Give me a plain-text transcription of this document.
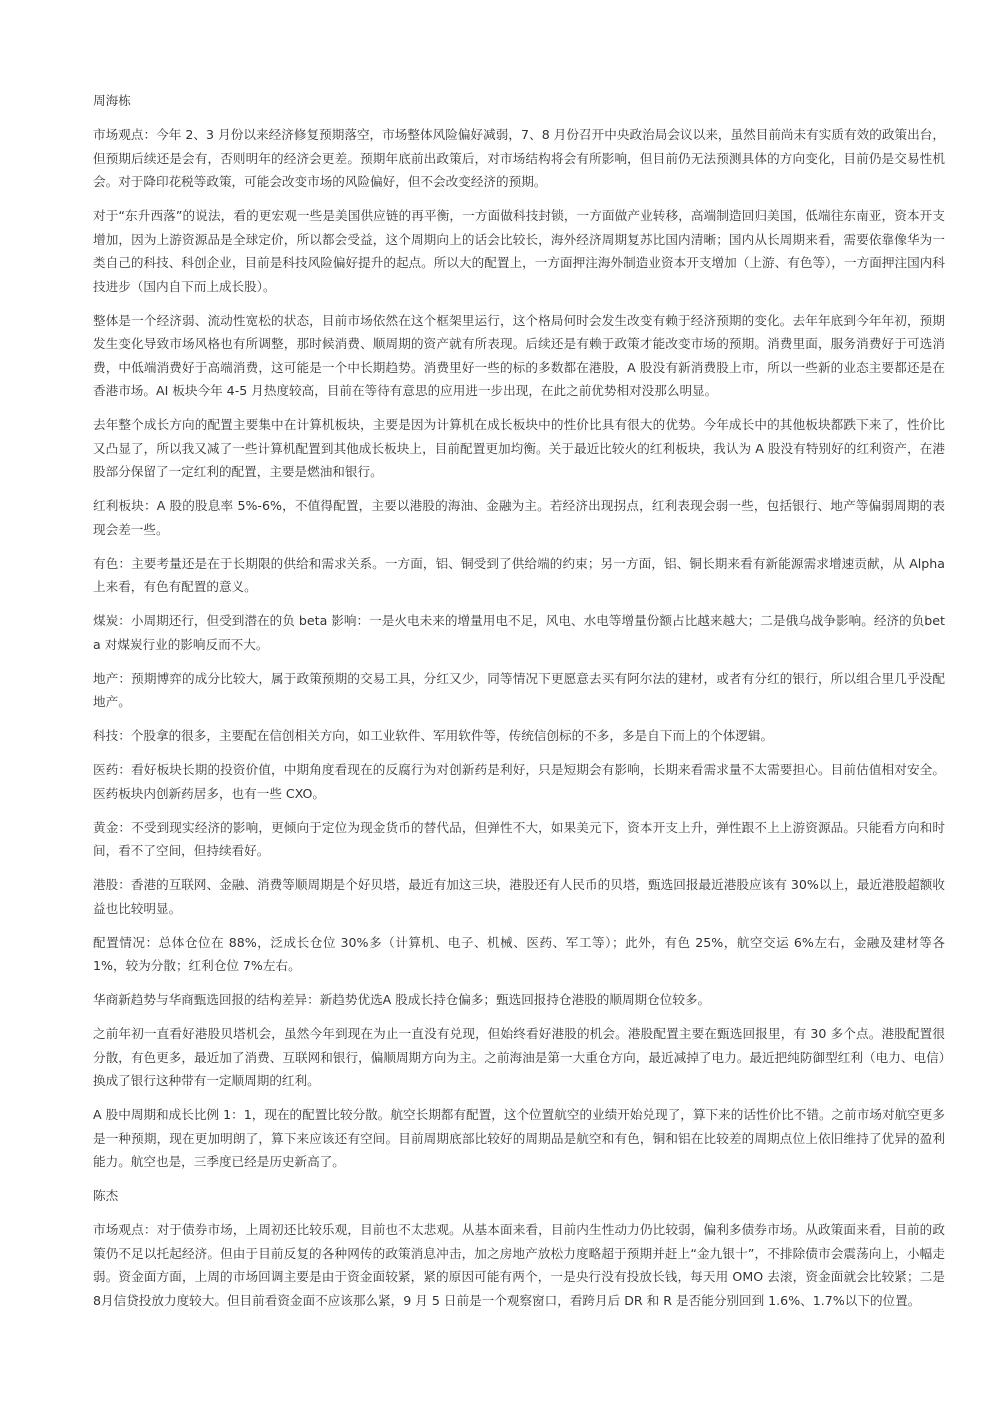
周海栋

市场观点：今年 2、3 月份以来经济修复预期落空，市场整体风险偏好减弱，7、8 月份召开中央政治局会议以来，虽然目前尚未有实质有效的政策出台，但预期后续还是会有，否则明年的经济会更差。预期年底前出政策后，对市场结构将会有所影响，但目前仍无法预测具体的方向变化，目前仍是交易性机会。对于降印花税等政策，可能会改变市场的风险偏好，但不会改变经济的预期。

对于“东升西落”的说法，看的更宏观一些是美国供应链的再平衡，一方面做科技封锁，一方面做产业转移，高端制造回归美国，低端往东南亚，资本开支增加，因为上游资源品是全球定价，所以都会受益，这个周期向上的话会比较长，海外经济周期复苏比国内清晰；国内从长周期来看，需要依靠像华为一类自己的科技、科创企业，目前是科技风险偏好提升的起点。所以大的配置上，一方面押注海外制造业资本开支增加（上游、有色等），一方面押注国内科技进步（国内自下而上成长股）。

整体是一个经济弱、流动性宽松的状态，目前市场依然在这个框架里运行，这个格局何时会发生改变有赖于经济预期的变化。去年年底到今年年初，预期发生变化导致市场风格也有所调整，那时候消费、顺周期的资产就有所表现。后续还是有赖于政策才能改变市场的预期。消费里面，服务消费好于可选消费，中低端消费好于高端消费，这可能是一个中长期趋势。消费里好一些的标的多数都在港股，A 股没有新消费股上市，所以一些新的业态主要都还是在香港市场。AI 板块今年 4-5 月热度较高，目前在等待有意思的应用进一步出现，在此之前优势相对没那么明显。

去年整个成长方向的配置主要集中在计算机板块，主要是因为计算机在成长板块中的性价比具有很大的优势。今年成长中的其他板块都跌下来了，性价比又凸显了，所以我又减了一些计算机配置到其他成长板块上，目前配置更加均衡。关于最近比较火的红利板块，我认为 A 股没有特别好的红利资产，在港股部分保留了一定红利的配置，主要是燃油和银行。

红利板块：A 股的股息率 5%-6%，不值得配置，主要以港股的海油、金融为主。若经济出现拐点，红利表现会弱一些，包括银行、地产等偏弱周期的表现会差一些。

有色：主要考量还是在于长期限的供给和需求关系。一方面，铝、铜受到了供给端的约束；另一方面，铝、铜长期来看有新能源需求增速贡献，从 Alpha 上来看，有色有配置的意义。

煤炭：小周期还行，但受到潜在的负 beta 影响：一是火电未来的增量用电不足，风电、水电等增量份额占比越来越大；二是俄乌战争影响。经济的负beta 对煤炭行业的影响反而不大。

地产：预期博弈的成分比较大，属于政策预期的交易工具，分红又少，同等情况下更愿意去买有阿尔法的建材，或者有分红的银行，所以组合里几乎没配地产。

科技：个股拿的很多，主要配在信创相关方向，如工业软件、军用软件等，传统信创标的不多，多是自下而上的个体逻辑。

医药：看好板块长期的投资价值，中期角度看现在的反腐行为对创新药是利好，只是短期会有影响，长期来看需求量不太需要担心。目前估值相对安全。医药板块内创新药居多，也有一些 CXO。

黄金：不受到现实经济的影响，更倾向于定位为现金货币的替代品，但弹性不大，如果美元下，资本开支上升，弹性跟不上上游资源品。只能看方向和时间，看不了空间，但持续看好。

港股：香港的互联网、金融、消费等顺周期是个好贝塔，最近有加这三块，港股还有人民币的贝塔，甄选回报最近港股应该有 30%以上，最近港股超额收益也比较明显。

配置情况：总体仓位在 88%，泛成长仓位 30%多（计算机、电子、机械、医药、军工等）；此外，有色 25%，航空交运 6%左右，金融及建材等各 1%，较为分散；红利仓位 7%左右。

华商新趋势与华商甄选回报的结构差异：新趋势优选A 股成长持仓偏多；甄选回报持仓港股的顺周期仓位较多。

之前年初一直看好港股贝塔机会，虽然今年到现在为止一直没有兑现，但始终看好港股的机会。港股配置主要在甄选回报里，有 30 多个点。港股配置很分散，有色更多，最近加了消费、互联网和银行，偏顺周期方向为主。之前海油是第一大重仓方向，最近减掉了电力。最近把纯防御型红利（电力、电信）换成了银行这种带有一定顺周期的红利。

A 股中周期和成长比例 1：1，现在的配置比较分散。航空长期都有配置，这个位置航空的业绩开始兑现了，算下来的话性价比不错。之前市场对航空更多是一种预期，现在更加明朗了，算下来应该还有空间。目前周期底部比较好的周期品是航空和有色，铜和铝在比较差的周期点位上依旧维持了优异的盈利能力。航空也是，三季度已经是历史新高了。

陈杰

市场观点：对于债券市场，上周初还比较乐观，目前也不太悲观。从基本面来看，目前内生性动力仍比较弱，偏利多债券市场。从政策面来看，目前的政策仍不足以托起经济。但由于目前反复的各种网传的政策消息冲击，加之房地产放松力度略超于预期并赶上“金九银十”，不排除债市会震荡向上，小幅走弱。资金面方面，上周的市场回调主要是由于资金面较紧，紧的原因可能有两个，一是央行没有投放长钱，每天用 OMO 去滚，资金面就会比较紧；二是 8月信贷投放力度较大。但目前看资金面不应该那么紧，9 月 5 日前是一个观察窗口，看跨月后 DR 和 R 是否能分别回到 1.6%、1.7%以下的位置。
